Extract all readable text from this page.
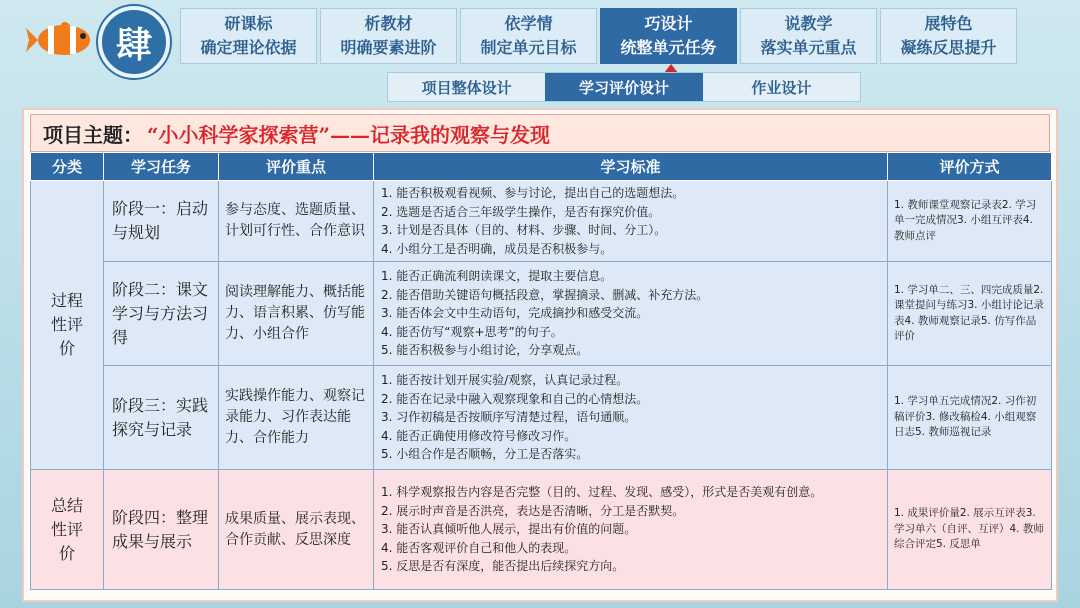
肆	研课标
确定理论依据
析教材
明确要素进阶
依学情
制定单元目标
巧设计
统整单元任务
说教学
落实单元重点
展特色
凝练反思提升
项目整体设计	学习评价设计	作业设计
项目主题： “小小科学家探索营”——记录我的观察与发现
分类	学习任务	评价重点	学习标准	评价方式
过程性评价	阶段一：启动与规划	参与态度、选题质量、计划可行性、合作意识	1. 能否积极观看视频、参与讨论，提出自己的选题想法。
2. 选题是否适合三年级学生操作，是否有探究价值。
3. 计划是否具体（目的、材料、步骤、时间、分工）。
4. 小组分工是否明确，成员是否积极参与。	1. 教师课堂观察记录表2. 学习单一完成情况3. 小组互评表4. 教师点评
	阶段二：课文学习与方法习得	阅读理解能力、概括能力、语言积累、仿写能力、小组合作	1. 能否正确流利朗读课文，提取主要信息。
2. 能否借助关键语句概括段意，掌握摘录、删减、补充方法。
3. 能否体会文中生动语句，完成摘抄和感受交流。
4. 能否仿写“观察+思考”的句子。
5. 能否积极参与小组讨论，分享观点。	1. 学习单二、三、四完成质量2. 课堂提问与练习3. 小组讨论记录表4. 教师观察记录5. 仿写作品评价
	阶段三：实践探究与记录	实践操作能力、观察记录能力、习作表达能力、合作能力	1. 能否按计划开展实验/观察，认真记录过程。
2. 能否在记录中融入观察现象和自己的心情想法。
3. 习作初稿是否按顺序写清楚过程，语句通顺。
4. 能否正确使用修改符号修改习作。
5. 小组合作是否顺畅，分工是否落实。	1. 学习单五完成情况2. 习作初稿评价3. 修改稿检4. 小组观察日志5. 教师巡视记录
总结性评价	阶段四：整理成果与展示	成果质量、展示表现、合作贡献、反思深度	1. 科学观察报告内容是否完整（目的、过程、发现、感受），形式是否美观有创意。
2. 展示时声音是否洪亮，表达是否清晰，分工是否默契。
3. 能否认真倾听他人展示，提出有价值的问题。
4. 能否客观评价自己和他人的表现。
5. 反思是否有深度，能否提出后续探究方向。	1. 成果评价量2. 展示互评表3. 学习单六（自评、互评）4. 教师综合评定5. 反思单
